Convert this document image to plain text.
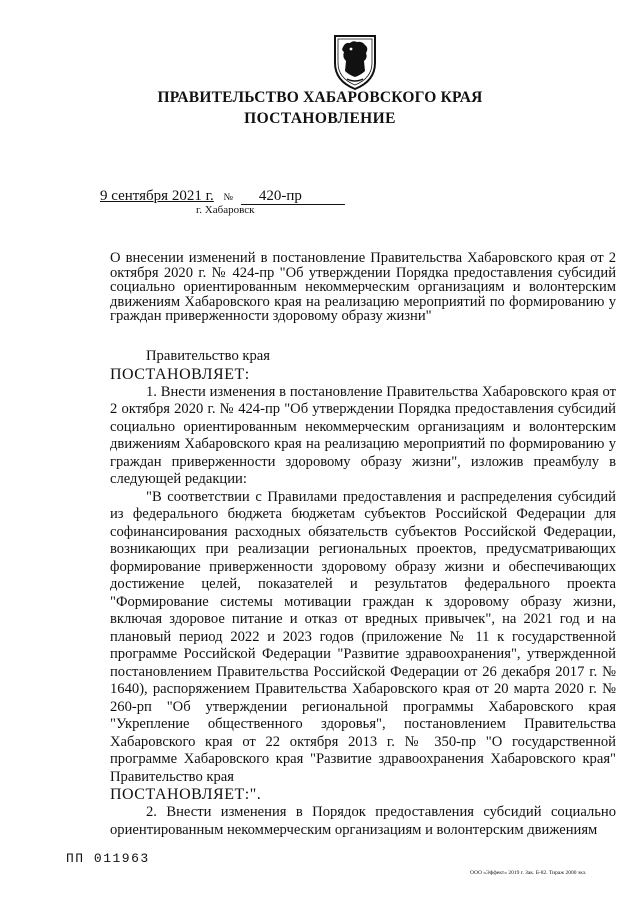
ПРАВИТЕЛЬСТВО ХАБАРОВСКОГО КРАЯ
ПОСТАНОВЛЕНИЕ
9 сентября 2021 г. № 420-пр
г. Хабаровск
О внесении изменений в постановление Правительства Хабаровского края от 2 октября 2020 г. № 424-пр "Об утверждении Порядка предоставления субсидий социально ориентированным некоммерческим организациям и волонтерским движениям Хабаровского края на реализацию мероприятий по формированию у граждан приверженности здоровому образу жизни"

Правительство края

ПОСТАНОВЛЯЕТ:

1. Внести изменения в постановление Правительства Хабаровского края от 2 октября 2020 г. № 424-пр "Об утверждении Порядка предоставления субсидий социально ориентированным некоммерческим организациям и волонтерским движениям Хабаровского края на реализацию мероприятий по формированию у граждан приверженности здоровому образу жизни", изложив преамбулу в следующей редакции:

"В соответствии с Правилами предоставления и распределения субсидий из федерального бюджета бюджетам субъектов Российской Федерации для софинансирования расходных обязательств субъектов Российской Федерации, возникающих при реализации региональных проектов, предусматривающих формирование приверженности здоровому образу жизни и обеспечивающих достижение целей, показателей и результатов федерального проекта "Формирование системы мотивации граждан к здоровому образу жизни, включая здоровое питание и отказ от вредных привычек", на 2021 год и на плановый период 2022 и 2023 годов (приложение № 11 к государственной программе Российской Федерации "Развитие здравоохранения", утвержденной постановлением Правительства Российской Федерации от 26 декабря 2017 г. № 1640), распоряжением Правительства Хабаровского края от 20 марта 2020 г. № 260-рп "Об утверждении региональной программы Хабаровского края "Укрепление общественного здоровья", постановлением Правительства Хабаровского края от 22 октября 2013 г. № 350-пр "О государственной программе Хабаровского края "Развитие здравоохранения Хабаровского края" Правительство края

ПОСТАНОВЛЯЕТ:".

2. Внести изменения в Порядок предоставления субсидий социально ориентированным некоммерческим организациям и волонтерским движениям

ПП 011963
ООО «Эффект» 2019 г. Зак. Б-82. Тираж 2000 экз.
